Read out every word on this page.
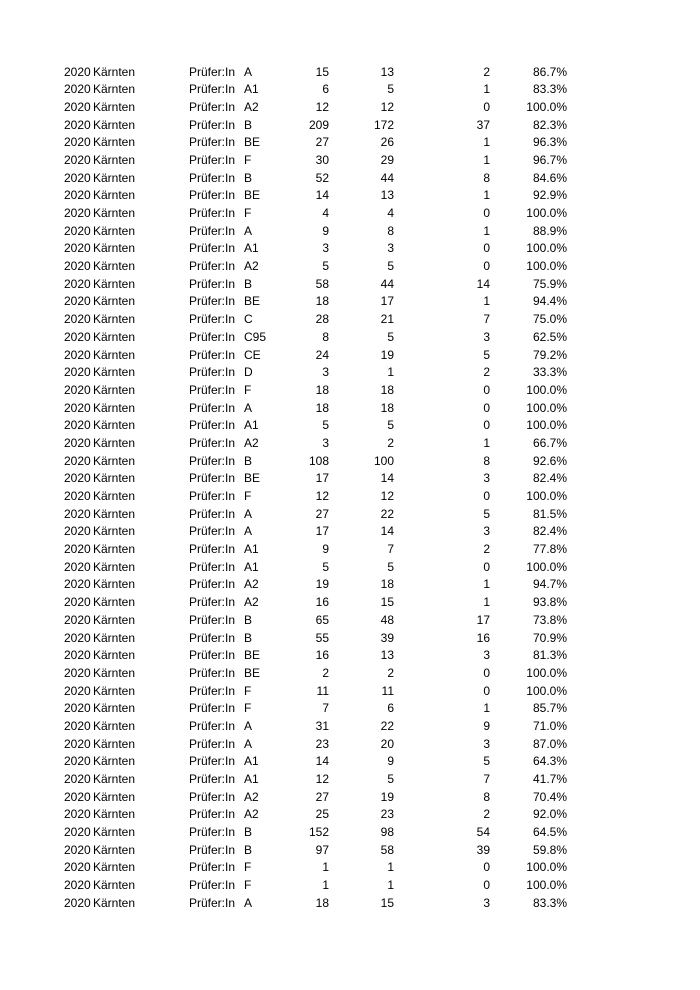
2020 Kärnten	Prüfer:In A	15	13	2	86.7%
2020 Kärnten	Prüfer:In A1	6	5	1	83.3%
2020 Kärnten	Prüfer:In A2	12	12	0	100.0%
2020 Kärnten	Prüfer:In B	209	172	37	82.3%
2020 Kärnten	Prüfer:In BE	27	26	1	96.3%
2020 Kärnten	Prüfer:In F	30	29	1	96.7%
2020 Kärnten	Prüfer:In B	52	44	8	84.6%
2020 Kärnten	Prüfer:In BE	14	13	1	92.9%
2020 Kärnten	Prüfer:In F	4	4	0	100.0%
2020 Kärnten	Prüfer:In A	9	8	1	88.9%
2020 Kärnten	Prüfer:In A1	3	3	0	100.0%
2020 Kärnten	Prüfer:In A2	5	5	0	100.0%
2020 Kärnten	Prüfer:In B	58	44	14	75.9%
2020 Kärnten	Prüfer:In BE	18	17	1	94.4%
2020 Kärnten	Prüfer:In C	28	21	7	75.0%
2020 Kärnten	Prüfer:In C95	8	5	3	62.5%
2020 Kärnten	Prüfer:In CE	24	19	5	79.2%
2020 Kärnten	Prüfer:In D	3	1	2	33.3%
2020 Kärnten	Prüfer:In F	18	18	0	100.0%
2020 Kärnten	Prüfer:In A	18	18	0	100.0%
2020 Kärnten	Prüfer:In A1	5	5	0	100.0%
2020 Kärnten	Prüfer:In A2	3	2	1	66.7%
2020 Kärnten	Prüfer:In B	108	100	8	92.6%
2020 Kärnten	Prüfer:In BE	17	14	3	82.4%
2020 Kärnten	Prüfer:In F	12	12	0	100.0%
2020 Kärnten	Prüfer:In A	27	22	5	81.5%
2020 Kärnten	Prüfer:In A	17	14	3	82.4%
2020 Kärnten	Prüfer:In A1	9	7	2	77.8%
2020 Kärnten	Prüfer:In A1	5	5	0	100.0%
2020 Kärnten	Prüfer:In A2	19	18	1	94.7%
2020 Kärnten	Prüfer:In A2	16	15	1	93.8%
2020 Kärnten	Prüfer:In B	65	48	17	73.8%
2020 Kärnten	Prüfer:In B	55	39	16	70.9%
2020 Kärnten	Prüfer:In BE	16	13	3	81.3%
2020 Kärnten	Prüfer:In BE	2	2	0	100.0%
2020 Kärnten	Prüfer:In F	11	11	0	100.0%
2020 Kärnten	Prüfer:In F	7	6	1	85.7%
2020 Kärnten	Prüfer:In A	31	22	9	71.0%
2020 Kärnten	Prüfer:In A	23	20	3	87.0%
2020 Kärnten	Prüfer:In A1	14	9	5	64.3%
2020 Kärnten	Prüfer:In A1	12	5	7	41.7%
2020 Kärnten	Prüfer:In A2	27	19	8	70.4%
2020 Kärnten	Prüfer:In A2	25	23	2	92.0%
2020 Kärnten	Prüfer:In B	152	98	54	64.5%
2020 Kärnten	Prüfer:In B	97	58	39	59.8%
2020 Kärnten	Prüfer:In F	1	1	0	100.0%
2020 Kärnten	Prüfer:In F	1	1	0	100.0%
2020 Kärnten	Prüfer:In A	18	15	3	83.3%
